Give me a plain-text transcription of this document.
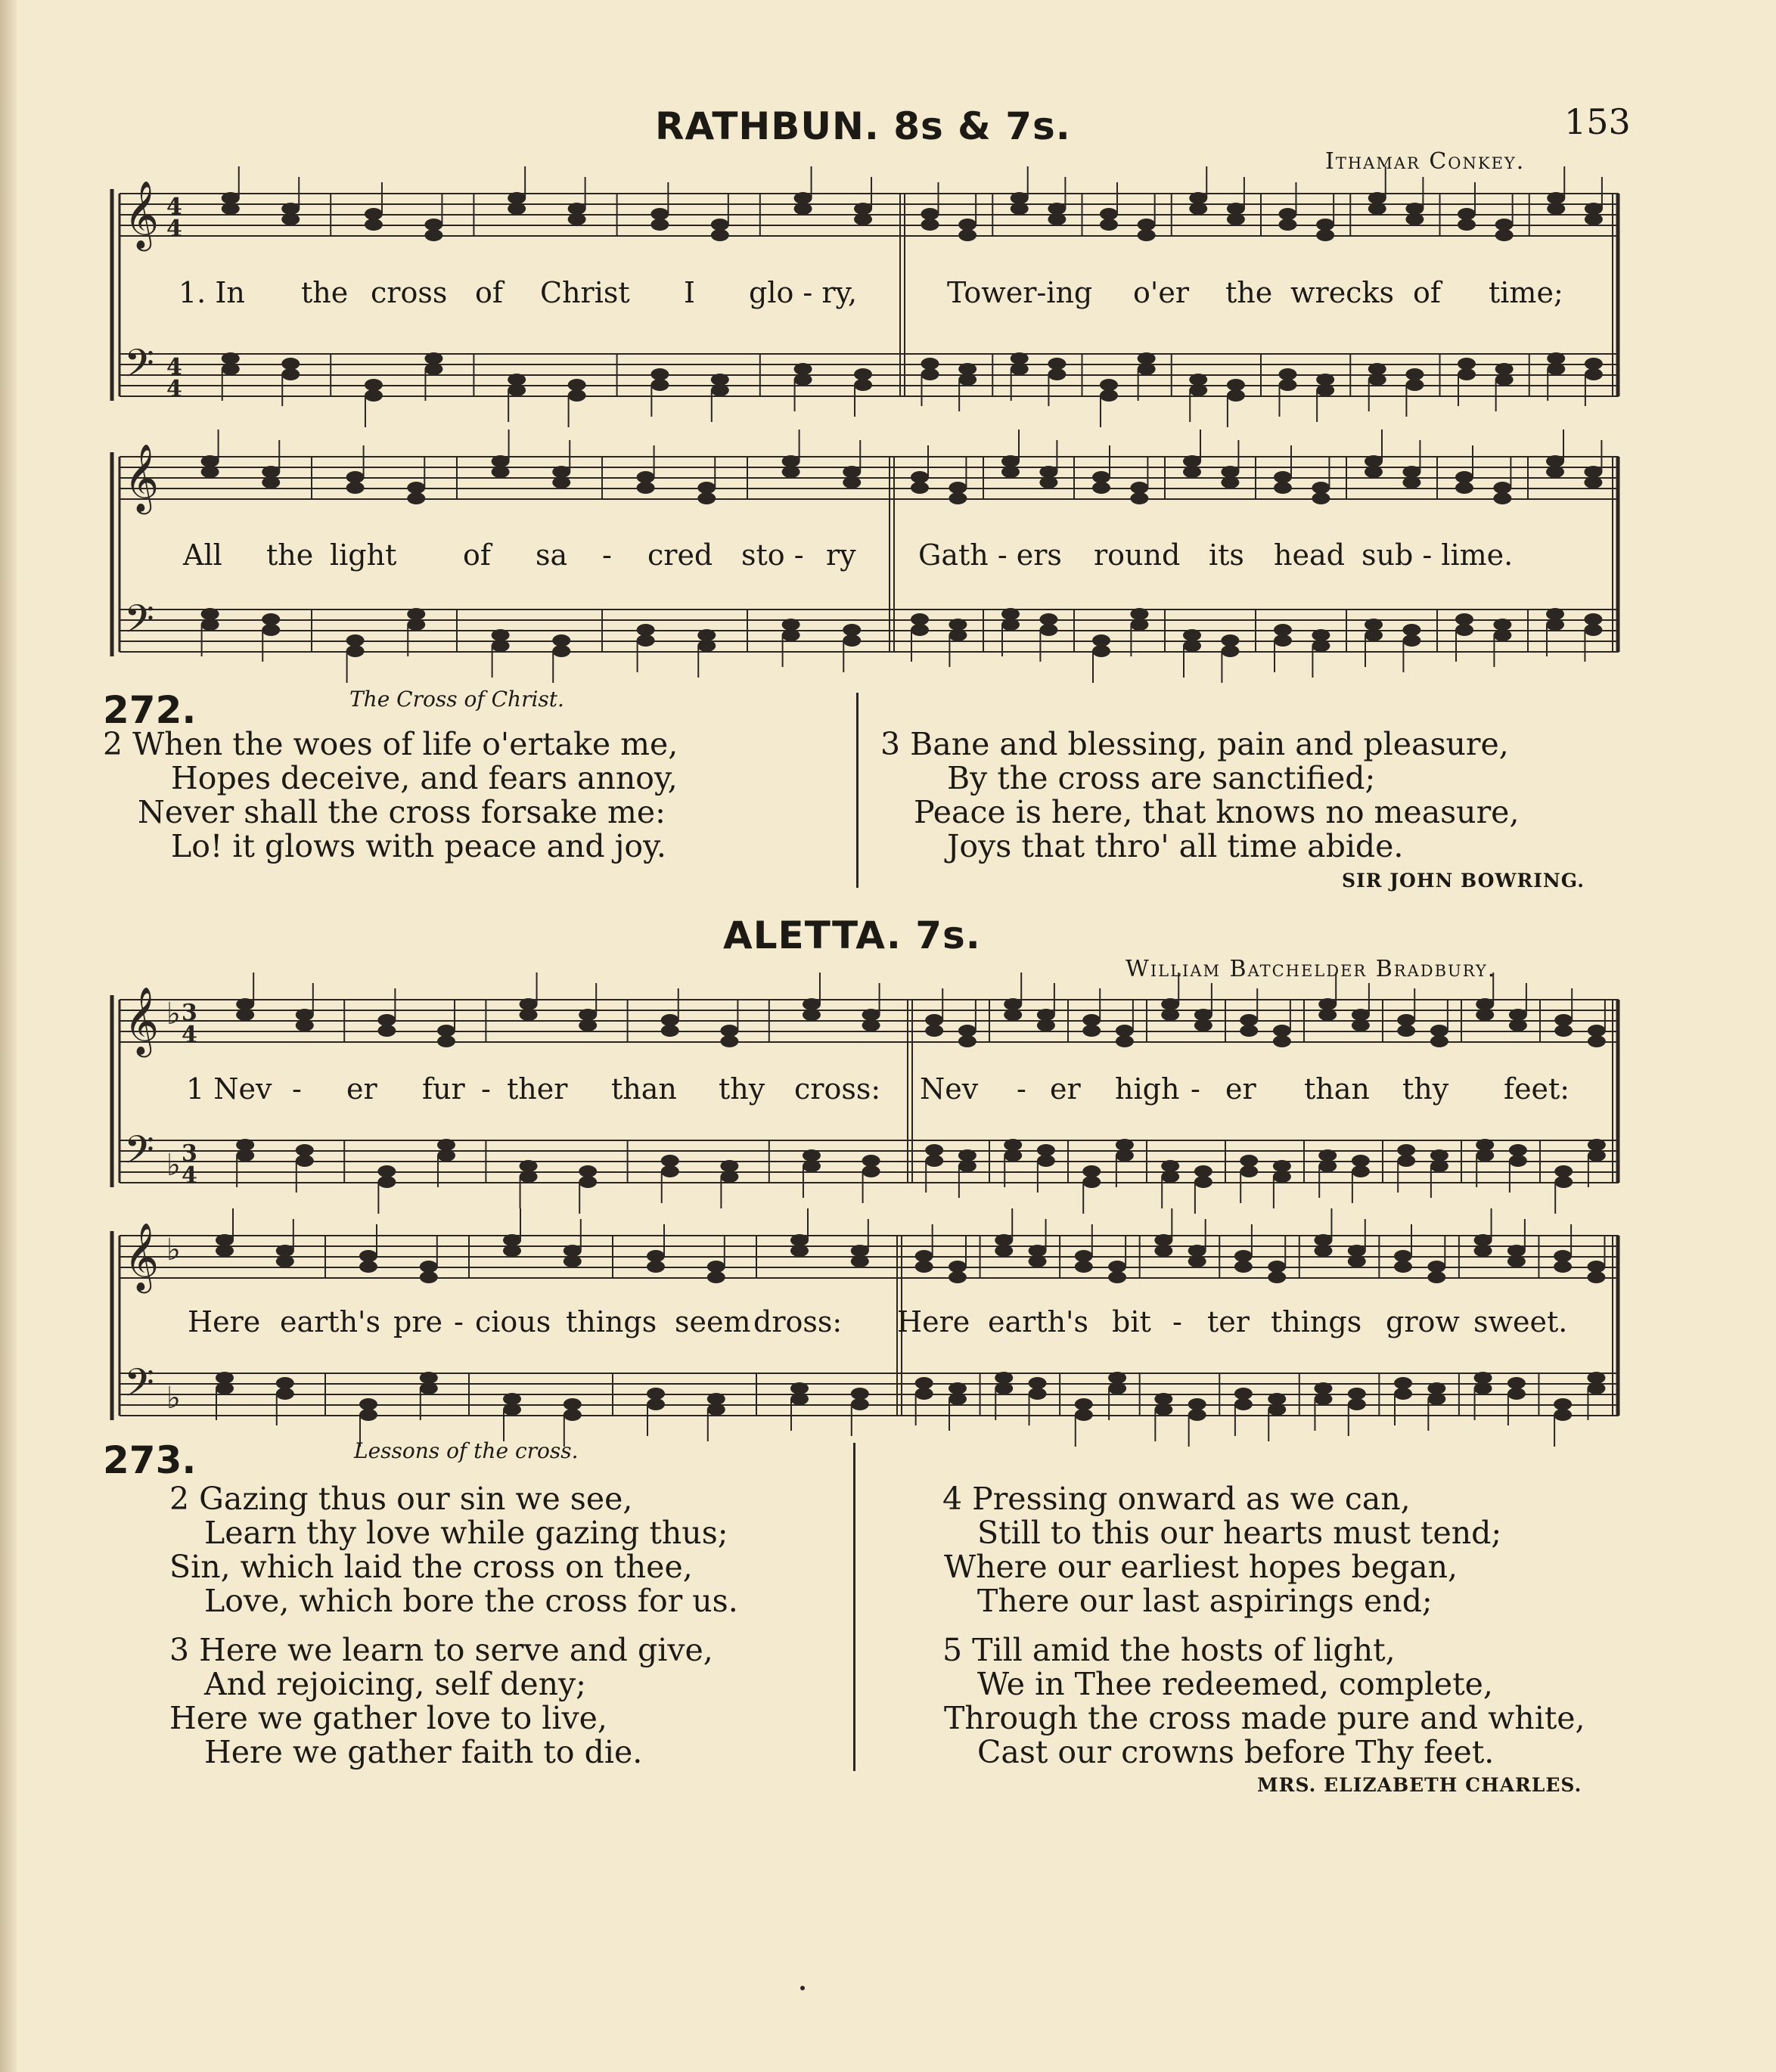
RATHBUN. 8s & 7s.	153
Ithamar Conkey.
𝄞
𝄢
4
4
4
4
1. In the cross of Christ I glo - ry,	Tower-ing o'er the wrecks of time;
𝄞
𝄢
All the light of sa - cred sto - ry Gath - ers round its head sub - lime.
272.	The Cross of Christ.
2 When the woes of life o'ertake me,
Hopes deceive, and fears annoy,
Never shall the cross forsake me:
Lo! it glows with peace and joy.
3 Bane and blessing, pain and pleasure,
By the cross are sanctified;
Peace is here, that knows no measure,
Joys that thro' all time abide.
SIR JOHN BOWRING.
ALETTA. 7s.
William Batchelder Bradbury.
𝄞
𝄢
♭
♭
3
4
3
4
1 Nev - er fur - ther than thy cross: Nev - er high - er than thy feet:
𝄞
𝄢
♭
♭
Here earth's pre - cious things seem dross: Here earth's bit - ter things grow sweet.
273.	Lessons of the cross.
2 Gazing thus our sin we see,
Learn thy love while gazing thus;
Sin, which laid the cross on thee,
Love, which bore the cross for us.
3 Here we learn to serve and give,
And rejoicing, self deny;
Here we gather love to live,
Here we gather faith to die.
4 Pressing onward as we can,
Still to this our hearts must tend;
Where our earliest hopes began,
There our last aspirings end;
5 Till amid the hosts of light,
We in Thee redeemed, complete,
Through the cross made pure and white,
Cast our crowns before Thy feet.
MRS. ELIZABETH CHARLES.
